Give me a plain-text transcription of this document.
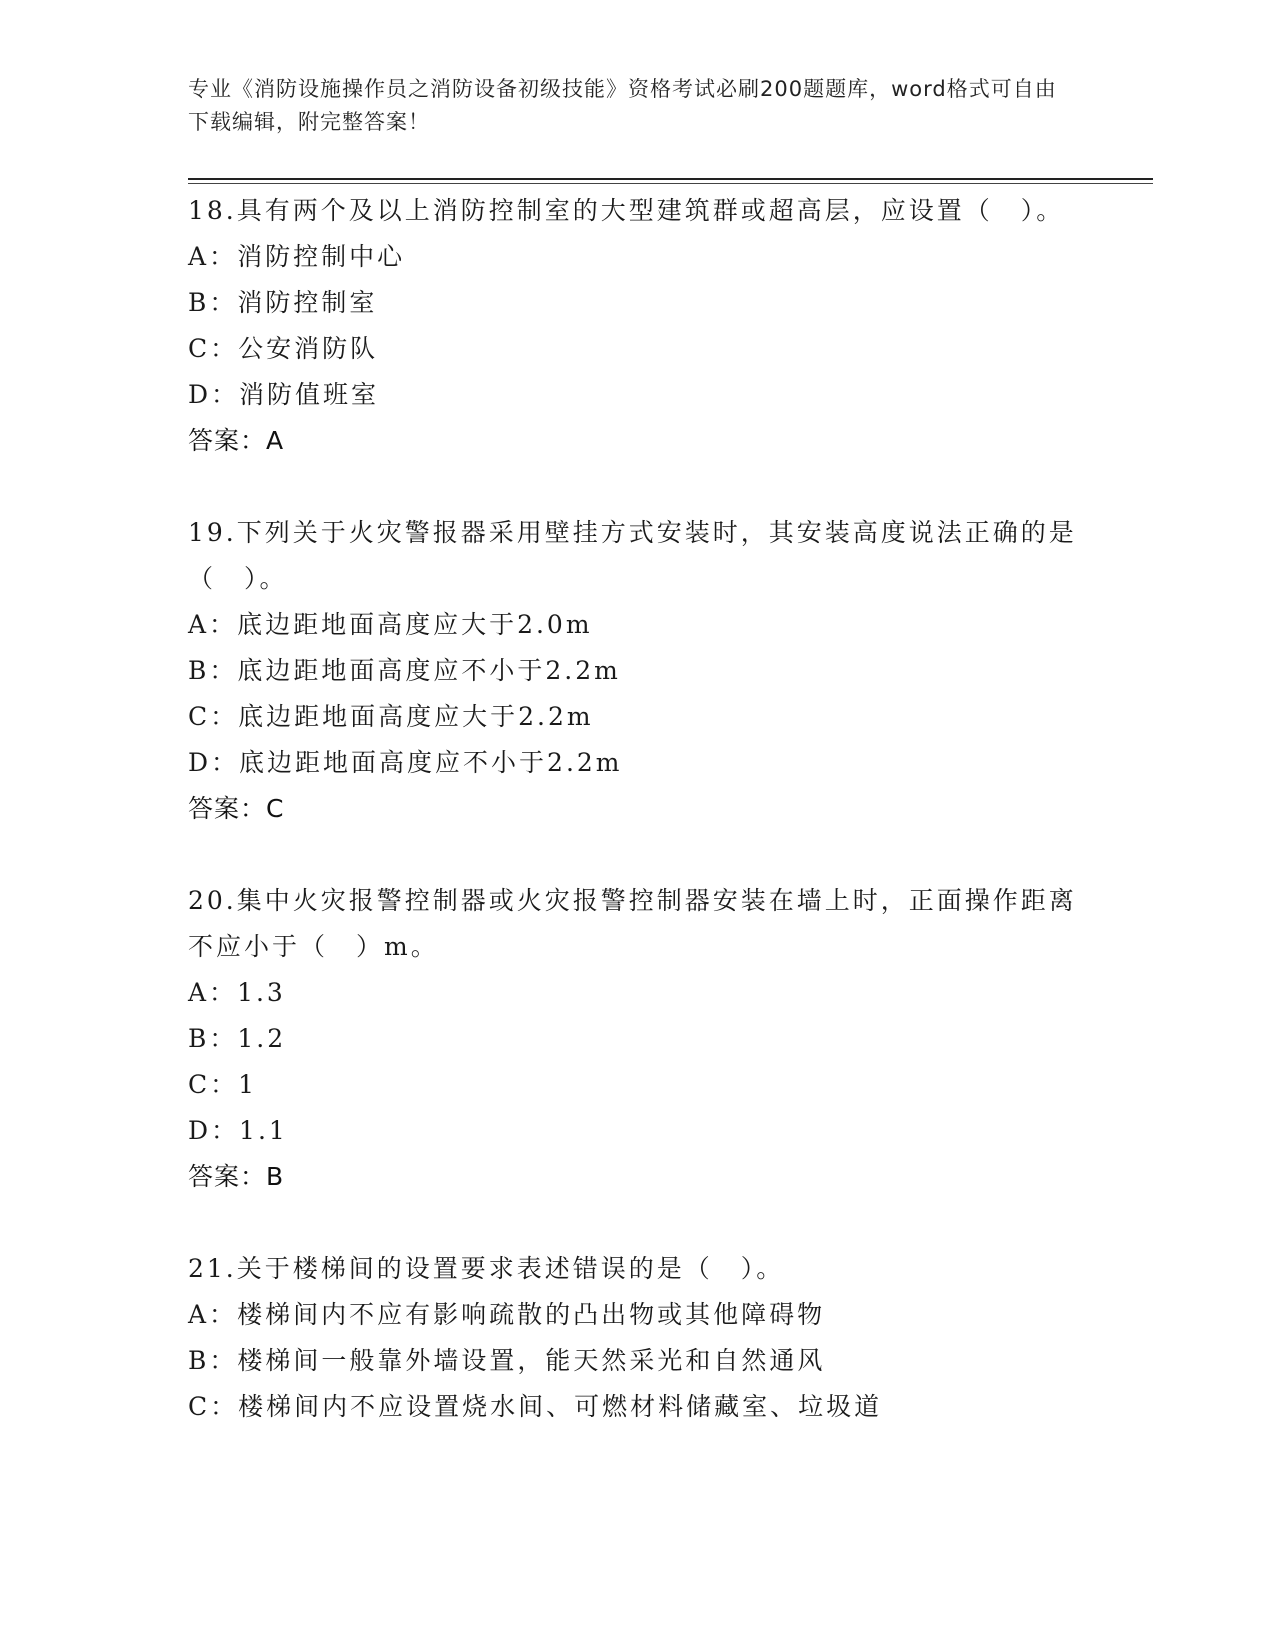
专业《消防设施操作员之消防设备初级技能》资格考试必刷200题题库，word格式可自由下载编辑，附完整答案！
18.具有两个及以上消防控制室的大型建筑群或超高层，应设置（　）。
A：消防控制中心
B：消防控制室
C：公安消防队
D：消防值班室
答案：A
19.下列关于火灾警报器采用壁挂方式安装时，其安装高度说法正确的是（　）。
A：底边距地面高度应大于2.0m
B：底边距地面高度应不小于2.2m
C：底边距地面高度应大于2.2m
D：底边距地面高度应不小于2.2m
答案：C
20.集中火灾报警控制器或火灾报警控制器安装在墙上时，正面操作距离不应小于（　）m。
A：1.3
B：1.2
C：1
D：1.1
答案：B
21.关于楼梯间的设置要求表述错误的是（　）。
A：楼梯间内不应有影响疏散的凸出物或其他障碍物
B：楼梯间一般靠外墙设置，能天然采光和自然通风
C：楼梯间内不应设置烧水间、可燃材料储藏室、垃圾道
